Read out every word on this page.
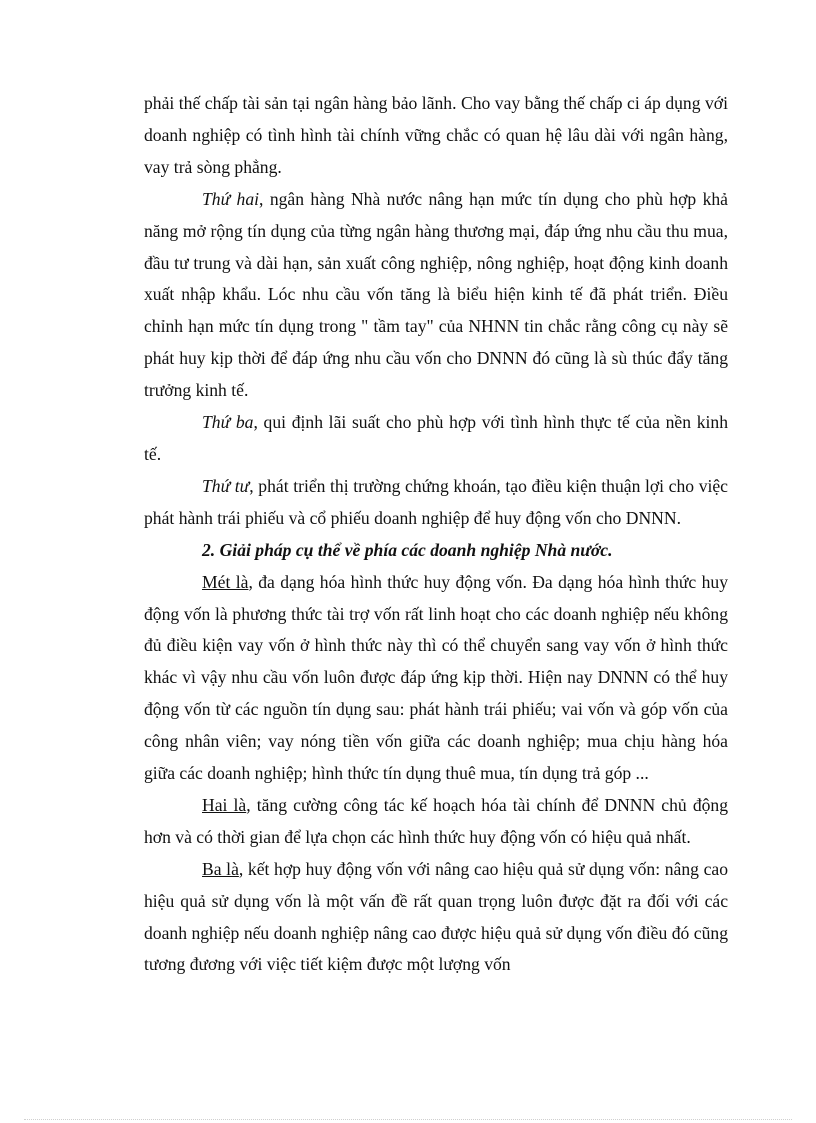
phải thế chấp tài sản tại ngân hàng bảo lãnh. Cho vay bằng thế chấp ci áp dụng với doanh nghiệp có tình hình tài chính vững chắc có quan hệ lâu dài với ngân hàng, vay trả sòng phẳng.

Thứ hai, ngân hàng Nhà nước nâng hạn mức tín dụng cho phù hợp khả năng mở rộng tín dụng của từng ngân hàng thương mại, đáp ứng nhu cầu thu mua, đầu tư trung và dài hạn, sản xuất công nghiệp, nông nghiệp, hoạt động kinh doanh xuất nhập khẩu. Lóc nhu cầu vốn tăng là biểu hiện kinh tế đã phát triển. Điều chỉnh hạn mức tín dụng trong " tầm tay" của NHNN tin chắc rằng công cụ này sẽ phát huy kịp thời để đáp ứng nhu cầu vốn cho DNNN đó cũng là sù thúc đẩy tăng trưởng kinh tế.

Thứ ba, qui định lãi suất cho phù hợp với tình hình thực tế của nền kinh tế.

Thứ tư, phát triển thị trường chứng khoán, tạo điều kiện thuận lợi cho việc phát hành trái phiếu và cổ phiếu doanh nghiệp để huy động vốn cho DNNN.

2. Giải pháp cụ thể về phía các doanh nghiệp Nhà nước.

Mét là, đa dạng hóa hình thức huy động vốn. Đa dạng hóa hình thức huy động vốn là phương thức tài trợ vốn rất linh hoạt cho các doanh nghiệp nếu không đủ điều kiện vay vốn ở hình thức này thì có thể chuyển sang vay vốn ở hình thức khác vì vậy nhu cầu vốn luôn được đáp ứng kịp thời. Hiện nay DNNN có thể huy động vốn từ các nguồn tín dụng sau: phát hành trái phiếu; vai vốn và góp vốn của công nhân viên; vay nóng tiền vốn giữa các doanh nghiệp; mua chịu hàng hóa giữa các doanh nghiệp; hình thức tín dụng thuê mua, tín dụng trả góp ...

Hai là, tăng cường công tác kế hoạch hóa tài chính để DNNN chủ động hơn và có thời gian để lựa chọn các hình thức huy động vốn có hiệu quả nhất.

Ba là, kết hợp huy động vốn với nâng cao hiệu quả sử dụng vốn: nâng cao hiệu quả sử dụng vốn là một vấn đề rất quan trọng luôn được đặt ra đối với các doanh nghiệp nếu doanh nghiệp nâng cao được hiệu quả sử dụng vốn điều đó cũng tương đương với việc tiết kiệm được một lượng vốn
